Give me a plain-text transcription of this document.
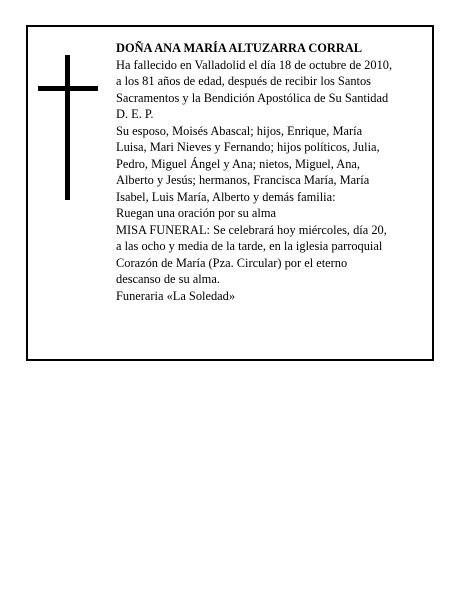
DOÑA ANA MARÍA ALTUZARRA CORRAL
Ha fallecido en Valladolid el día 18 de octubre de 2010,
a los 81 años de edad, después de recibir los Santos
Sacramentos y la Bendición Apostólica de Su Santidad
D. E. P.
Su esposo, Moisés Abascal; hijos, Enrique, María
Luisa, Mari Nieves y Fernando; hijos políticos, Julia,
Pedro, Miguel Ángel y Ana; nietos, Miguel, Ana,
Alberto y Jesús; hermanos, Francisca María, María
Isabel, Luis María, Alberto y demás familia:
Ruegan una oración por su alma
MISA FUNERAL: Se celebrará hoy miércoles, día 20,
a las ocho y media de la tarde, en la iglesia parroquial
Corazón de María (Pza. Circular) por el eterno
descanso de su alma.
Funeraria «La Soledad»
